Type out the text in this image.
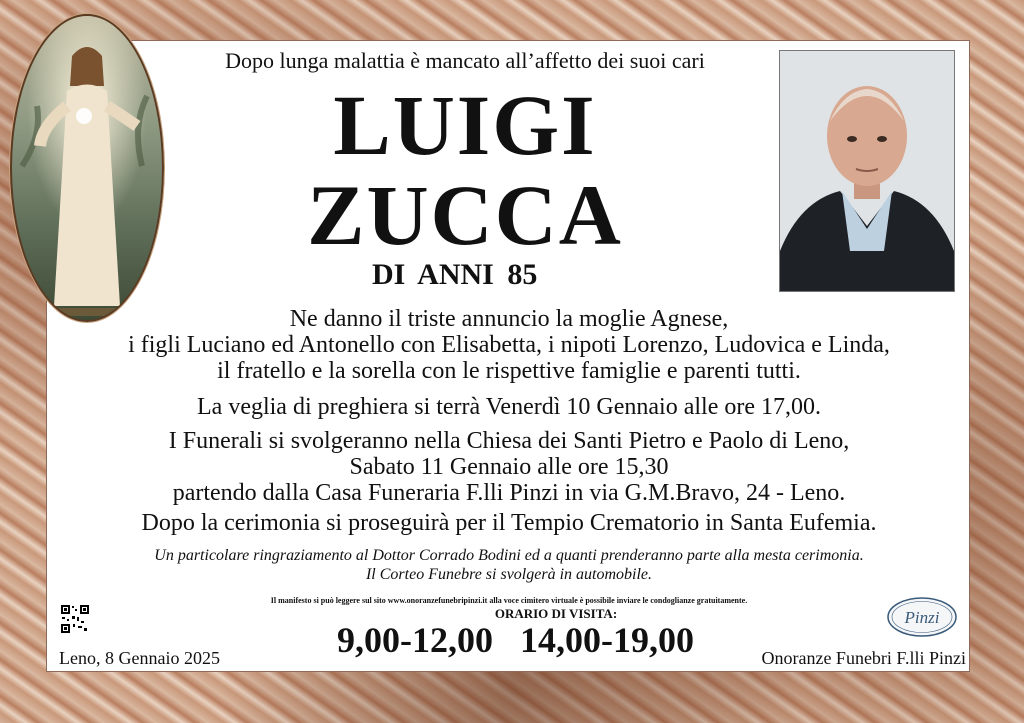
Dopo lunga malattia è mancato all’affetto dei suoi cari
LUIGI
ZUCCA
DI ANNI 85
Ne danno il triste annuncio la moglie Agnese,
i figli Luciano ed Antonello con Elisabetta, i nipoti Lorenzo, Ludovica e Linda,
il fratello e la sorella con le rispettive famiglie e parenti tutti.
La veglia di preghiera si terrà Venerdì 10 Gennaio alle ore 17,00.
I Funerali si svolgeranno nella Chiesa dei Santi Pietro e Paolo di Leno,
Sabato 11 Gennaio alle ore 15,30
partendo dalla Casa Funeraria F.lli Pinzi in via G.M.Bravo, 24 - Leno.
Dopo la cerimonia si proseguirà per il Tempio Crematorio in Santa Eufemia.
Un particolare ringraziamento al Dottor Corrado Bodini ed a quanti prenderanno parte alla mesta cerimonia.
Il Corteo Funebre si svolgerà in automobile.
Il manifesto si può leggere sul sito www.onoranzefunebripinzi.it alla voce cimitero virtuale è possibile inviare le condoglianze gratuitamente.
ORARIO DI VISITA:
9,00-12,00   14,00-19,00
Leno, 8 Gennaio 2025	Onoranze Funebri F.lli Pinzi
Pinzi
